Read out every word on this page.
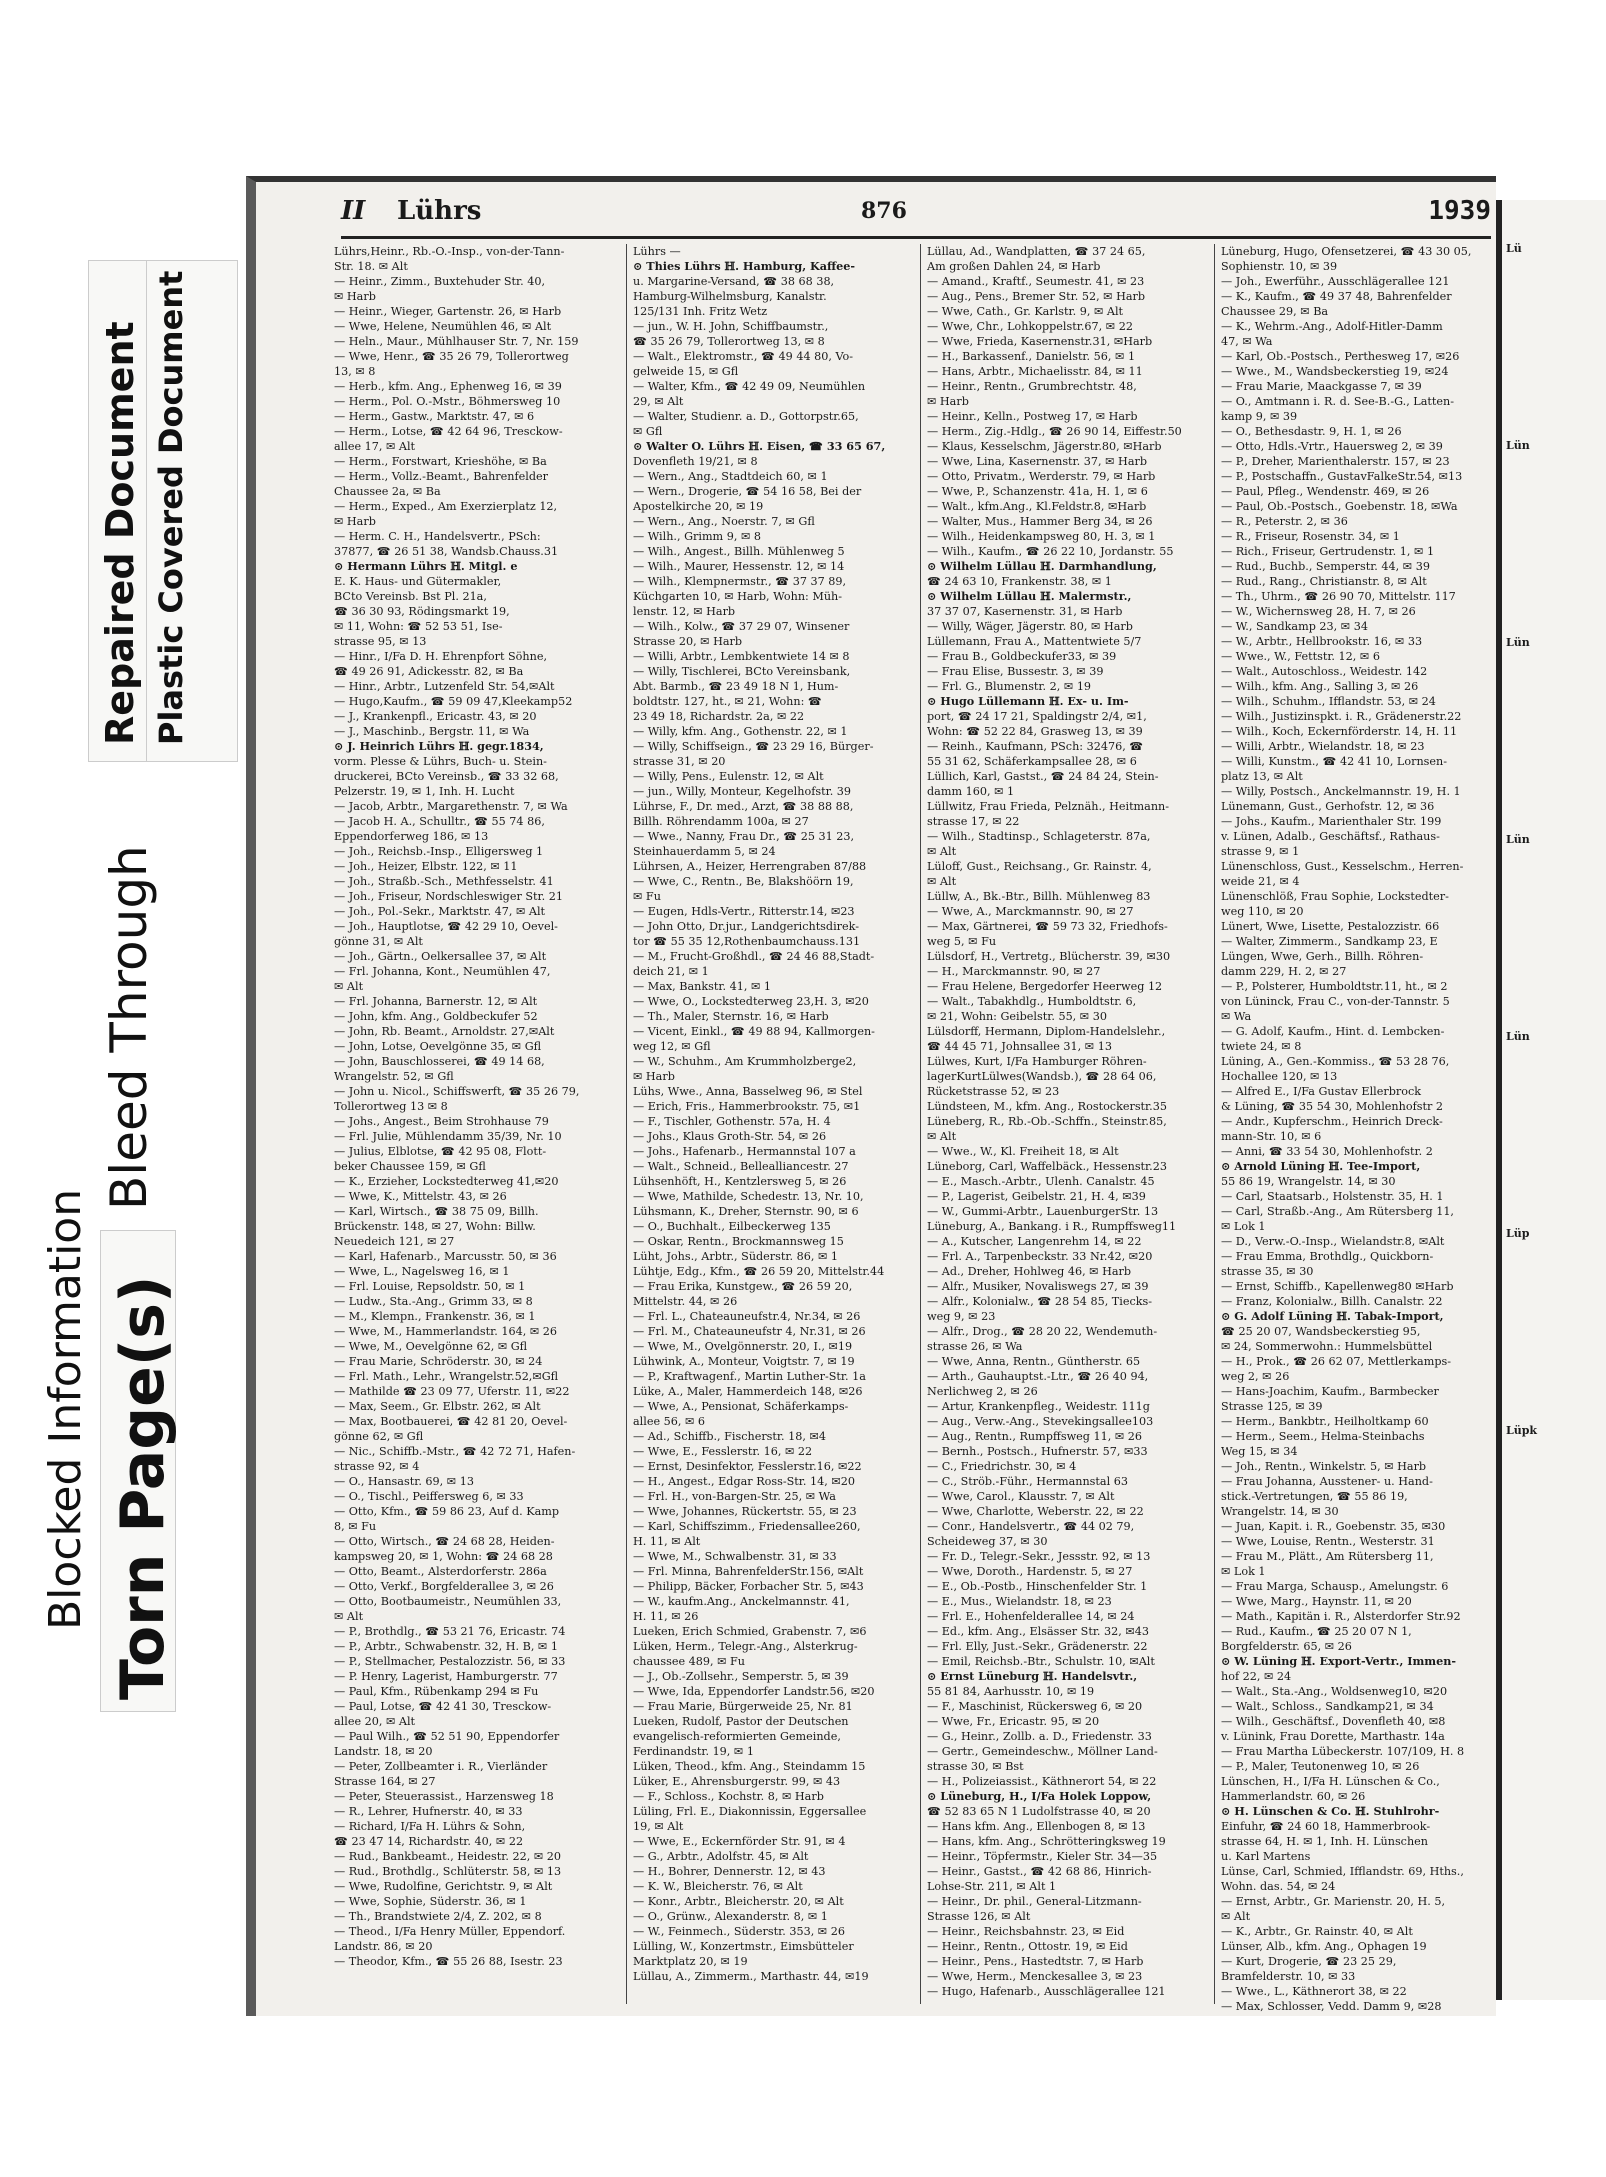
Blocked Information
Bleed Through
Torn Page(s)
Repaired Document Plastic Covered Document
II Lührs	876	1939
Lührs,Heinr., Rb.-O.-Insp., von-der-Tann-
Str. 18. ✉ Alt
— Heinr., Zimm., Buxtehuder Str. 40,
✉ Harb
— Heinr., Wieger, Gartenstr. 26, ✉ Harb
— Wwe, Helene, Neumühlen 46, ✉ Alt
— Heln., Maur., Mühlhauser Str. 7, Nr. 159
— Wwe, Henr., ☎ 35 26 79, Tollerortweg
13, ✉ 8
— Herb., kfm. Ang., Ephenweg 16, ✉ 39
— Herm., Pol. O.-Mstr., Böhmersweg 10
— Herm., Gastw., Marktstr. 47, ✉ 6
— Herm., Lotse, ☎ 42 64 96, Tresckow-
allee 17, ✉ Alt
— Herm., Forstwart, Krieshöhe, ✉ Ba
— Herm., Vollz.-Beamt., Bahrenfelder
Chaussee 2a, ✉ Ba
— Herm., Exped., Am Exerzierplatz 12,
✉ Harb
— Herm. C. H., Handelsvertr., PSch:
37877, ☎ 26 51 38, Wandsb.Chauss.31
⊙ Hermann Lührs ℍ. Mitgl. e
E. K. Haus- und Gütermakler,
BCto Vereinsb. Bst Pl. 21a,
☎ 36 30 93, Rödingsmarkt 19,
✉ 11, Wohn: ☎ 52 53 51, Ise-
strasse 95, ✉ 13
— Hinr., I/Fa D. H. Ehrenpfort Söhne,
☎ 49 26 91, Adickesstr. 82, ✉ Ba
— Hinr., Arbtr., Lutzenfeld Str. 54,✉Alt
— Hugo,Kaufm., ☎ 59 09 47,Kleekamp52
— J., Krankenpfl., Ericastr. 43, ✉ 20
— J., Maschinb., Bergstr. 11, ✉ Wa
⊙ J. Heinrich Lührs ℍ. gegr.1834,
vorm. Plesse & Lührs, Buch- u. Stein-
druckerei, BCto Vereinsb., ☎ 33 32 68,
Pelzerstr. 19, ✉ 1, Inh. H. Lucht
— Jacob, Arbtr., Margarethenstr. 7, ✉ Wa
— Jacob H. A., Schulltr., ☎ 55 74 86,
Eppendorferweg 186, ✉ 13
— Joh., Reichsb.-Insp., Elligersweg 1
— Joh., Heizer, Elbstr. 122, ✉ 11
— Joh., Straßb.-Sch., Methfesselstr. 41
— Joh., Friseur, Nordschleswiger Str. 21
— Joh., Pol.-Sekr., Marktstr. 47, ✉ Alt
— Joh., Hauptlotse, ☎ 42 29 10, Oevel-
gönne 31, ✉ Alt
— Joh., Gärtn., Oelkersallee 37, ✉ Alt
— Frl. Johanna, Kont., Neumühlen 47,
✉ Alt
— Frl. Johanna, Barnerstr. 12, ✉ Alt
— John, kfm. Ang., Goldbeckufer 52
— John, Rb. Beamt., Arnoldstr. 27,✉Alt
— John, Lotse, Oevelgönne 35, ✉ Gfl
— John, Bauschlosserei, ☎ 49 14 68,
Wrangelstr. 52, ✉ Gfl
— John u. Nicol., Schiffswerft, ☎ 35 26 79,
Tollerortweg 13 ✉ 8
— Johs., Angest., Beim Strohhause 79
— Frl. Julie, Mühlendamm 35/39, Nr. 10
— Julius, Elblotse, ☎ 42 95 08, Flott-
beker Chaussee 159, ✉ Gfl
— K., Erzieher, Lockstedterweg 41,✉20
— Wwe, K., Mittelstr. 43, ✉ 26
— Karl, Wirtsch., ☎ 38 75 09, Billh.
Brückenstr. 148, ✉ 27, Wohn: Billw.
Neuedeich 121, ✉ 27
— Karl, Hafenarb., Marcusstr. 50, ✉ 36
— Wwe, L., Nagelsweg 16, ✉ 1
— Frl. Louise, Repsoldstr. 50, ✉ 1
— Ludw., Sta.-Ang., Grimm 33, ✉ 8
— M., Klempn., Frankenstr. 36, ✉ 1
— Wwe, M., Hammerlandstr. 164, ✉ 26
— Wwe, M., Oevelgönne 62, ✉ Gfl
— Frau Marie, Schröderstr. 30, ✉ 24
— Frl. Math., Lehr., Wrangelstr.52,✉Gfl
— Mathilde ☎ 23 09 77, Uferstr. 11, ✉22
— Max, Seem., Gr. Elbstr. 262, ✉ Alt
— Max, Bootbauerei, ☎ 42 81 20, Oevel-
gönne 62, ✉ Gfl
— Nic., Schiffb.-Mstr., ☎ 42 72 71, Hafen-
strasse 92, ✉ 4
— O., Hansastr. 69, ✉ 13
— O., Tischl., Peiffersweg 6, ✉ 33
— Otto, Kfm., ☎ 59 86 23, Auf d. Kamp
8, ✉ Fu
— Otto, Wirtsch., ☎ 24 68 28, Heiden-
kampsweg 20, ✉ 1, Wohn: ☎ 24 68 28
— Otto, Beamt., Alsterdorferstr. 286a
— Otto, Verkf., Borgfelderallee 3, ✉ 26
— Otto, Bootbaumeistr., Neumühlen 33,
✉ Alt
— P., Brothdlg., ☎ 53 21 76, Ericastr. 74
— P., Arbtr., Schwabenstr. 32, H. B, ✉ 1
— P., Stellmacher, Pestalozzistr. 56, ✉ 33
— P. Henry, Lagerist, Hamburgerstr. 77
— Paul, Kfm., Rübenkamp 294 ✉ Fu
— Paul, Lotse, ☎ 42 41 30, Tresckow-
allee 20, ✉ Alt
— Paul Wilh., ☎ 52 51 90, Eppendorfer
Landstr. 18, ✉ 20
— Peter, Zollbeamter i. R., Vierländer
Strasse 164, ✉ 27
— Peter, Steuerassist., Harzensweg 18
— R., Lehrer, Hufnerstr. 40, ✉ 33
— Richard, I/Fa H. Lührs & Sohn,
☎ 23 47 14, Richardstr. 40, ✉ 22
— Rud., Bankbeamt., Heidestr. 22, ✉ 20
— Rud., Brothdlg., Schlüterstr. 58, ✉ 13
— Wwe, Rudolfine, Gerichtstr. 9, ✉ Alt
— Wwe, Sophie, Süderstr. 36, ✉ 1
— Th., Brandstwiete 2/4, Z. 202, ✉ 8
— Theod., I/Fa Henry Müller, Eppendorf.
Landstr. 86, ✉ 20
— Theodor, Kfm., ☎ 55 26 88, Isestr. 23
Lührs —
⊙ Thies Lührs ℍ. Hamburg, Kaffee-
u. Margarine-Versand, ☎ 38 68 38,
Hamburg-Wilhelmsburg, Kanalstr.
125/131 Inh. Fritz Wetz
— jun., W. H. John, Schiffbaumstr.,
☎ 35 26 79, Tollerortweg 13, ✉ 8
— Walt., Elektromstr., ☎ 49 44 80, Vo-
gelweide 15, ✉ Gfl
— Walter, Kfm., ☎ 42 49 09, Neumühlen
29, ✉ Alt
— Walter, Studienr. a. D., Gottorpstr.65,
✉ Gfl
⊙ Walter O. Lührs ℍ. Eisen, ☎ 33 65 67,
Dovenfleth 19/21, ✉ 8
— Wern., Ang., Stadtdeich 60, ✉ 1
— Wern., Drogerie, ☎ 54 16 58, Bei der
Apostelkirche 20, ✉ 19
— Wern., Ang., Noerstr. 7, ✉ Gfl
— Wilh., Grimm 9, ✉ 8
— Wilh., Angest., Billh. Mühlenweg 5
— Wilh., Maurer, Hessenstr. 12, ✉ 14
— Wilh., Klempnermstr., ☎ 37 37 89,
Küchgarten 10, ✉ Harb, Wohn: Müh-
lenstr. 12, ✉ Harb
— Wilh., Kolw., ☎ 37 29 07, Winsener
Strasse 20, ✉ Harb
— Willi, Arbtr., Lembkentwiete 14 ✉ 8
— Willy, Tischlerei, BCto Vereinsbank,
Abt. Barmb., ☎ 23 49 18 N 1, Hum-
boldtstr. 127, ht., ✉ 21, Wohn: ☎
23 49 18, Richardstr. 2a, ✉ 22
— Willy, kfm. Ang., Gothenstr. 22, ✉ 1
— Willy, Schiffseign., ☎ 23 29 16, Bürger-
strasse 31, ✉ 20
— Willy, Pens., Eulenstr. 12, ✉ Alt
— jun., Willy, Monteur, Kegelhofstr. 39
Lührse, F., Dr. med., Arzt, ☎ 38 88 88,
Billh. Röhrendamm 100a, ✉ 27
— Wwe., Nanny, Frau Dr., ☎ 25 31 23,
Steinhauerdamm 5, ✉ 24
Lührsen, A., Heizer, Herrengraben 87/88
— Wwe, C., Rentn., Be, Blakshöörn 19,
✉ Fu
— Eugen, Hdls-Vertr., Ritterstr.14, ✉23
— John Otto, Dr.jur., Landgerichtsdirek-
tor ☎ 55 35 12,Rothenbaumchauss.131
— M., Frucht-Großhdl., ☎ 24 46 88,Stadt-
deich 21, ✉ 1
— Max, Bankstr. 41, ✉ 1
— Wwe, O., Lockstedterweg 23,H. 3, ✉20
— Th., Maler, Sternstr. 16, ✉ Harb
— Vicent, Einkl., ☎ 49 88 94, Kallmorgen-
weg 12, ✉ Gfl
— W., Schuhm., Am Krummholzberge2,
✉ Harb
Lühs, Wwe., Anna, Basselweg 96, ✉ Stel
— Erich, Fris., Hammerbrookstr. 75, ✉1
— F., Tischler, Gothenstr. 57a, H. 4
— Johs., Klaus Groth-Str. 54, ✉ 26
— Johs., Hafenarb., Hermannstal 107 a
— Walt., Schneid., Bellealliancestr. 27
Lühsenhöft, H., Kentzlersweg 5, ✉ 26
— Wwe, Mathilde, Schedestr. 13, Nr. 10,
Lühsmann, K., Dreher, Sternstr. 90, ✉ 6
— O., Buchhalt., Eilbeckerweg 135
— Oskar, Rentn., Brockmannsweg 15
Lüht, Johs., Arbtr., Süderstr. 86, ✉ 1
Lühtje, Edg., Kfm., ☎ 26 59 20, Mittelstr.44
— Frau Erika, Kunstgew., ☎ 26 59 20,
Mittelstr. 44, ✉ 26
— Frl. L., Chateauneufstr.4, Nr.34, ✉ 26
— Frl. M., Chateauneufstr 4, Nr.31, ✉ 26
— Wwe, M., Ovelgönnerstr. 20, I., ✉19
Lühwink, A., Monteur, Voigtstr. 7, ✉ 19
— P., Kraftwagenf., Martin Luther-Str. 1a
Lüke, A., Maler, Hammerdeich 148, ✉26
— Wwe, A., Pensionat, Schäferkamps-
allee 56, ✉ 6
— Ad., Schiffb., Fischerstr. 18, ✉4
— Wwe, E., Fesslerstr. 16, ✉ 22
— Ernst, Desinfektor, Fesslerstr.16, ✉22
— H., Angest., Edgar Ross-Str. 14, ✉20
— Frl. H., von-Bargen-Str. 25, ✉ Wa
— Wwe, Johannes, Rückertstr. 55, ✉ 23
— Karl, Schiffszimm., Friedensallee260,
H. 11, ✉ Alt
— Wwe, M., Schwalbenstr. 31, ✉ 33
— Frl. Minna, BahrenfelderStr.156, ✉Alt
— Philipp, Bäcker, Forbacher Str. 5, ✉43
— W., kaufm.Ang., Anckelmannstr. 41,
H. 11, ✉ 26
Lueken, Erich Schmied, Grabenstr. 7, ✉6
Lüken, Herm., Telegr.-Ang., Alsterkrug-
chaussee 489, ✉ Fu
— J., Ob.-Zollsehr., Semperstr. 5, ✉ 39
— Wwe, Ida, Eppendorfer Landstr.56, ✉20
— Frau Marie, Bürgerweide 25, Nr. 81
Lueken, Rudolf, Pastor der Deutschen
evangelisch-reformierten Gemeinde,
Ferdinandstr. 19, ✉ 1
Lüken, Theod., kfm. Ang., Steindamm 15
Lüker, E., Ahrensburgerstr. 99, ✉ 43
— F., Schloss., Kochstr. 8, ✉ Harb
Lüling, Frl. E., Diakonnissin, Eggersallee
19, ✉ Alt
— Wwe, E., Eckernförder Str. 91, ✉ 4
— G., Arbtr., Adolfstr. 45, ✉ Alt
— H., Bohrer, Dennerstr. 12, ✉ 43
— K. W., Bleicherstr. 76, ✉ Alt
— Konr., Arbtr., Bleicherstr. 20, ✉ Alt
— O., Grünw., Alexanderstr. 8, ✉ 1
— W., Feinmech., Süderstr. 353, ✉ 26
Lülling, W., Konzertmstr., Eimsbütteler
Marktplatz 20, ✉ 19
Lüllau, A., Zimmerm., Marthastr. 44, ✉19
Lüllau, Ad., Wandplatten, ☎ 37 24 65,
Am großen Dahlen 24, ✉ Harb
— Amand., Kraftf., Seumestr. 41, ✉ 23
— Aug., Pens., Bremer Str. 52, ✉ Harb
— Wwe, Cath., Gr. Karlstr. 9, ✉ Alt
— Wwe, Chr., Lohkoppelstr.67, ✉ 22
— Wwe, Frieda, Kasernenstr.31, ✉Harb
— H., Barkassenf., Danielstr. 56, ✉ 1
— Hans, Arbtr., Michaelisstr. 84, ✉ 11
— Heinr., Rentn., Grumbrechtstr. 48,
✉ Harb
— Heinr., Kelln., Postweg 17, ✉ Harb
— Herm., Zig.-Hdlg., ☎ 26 90 14, Eiffestr.50
— Klaus, Kesselschm, Jägerstr.80, ✉Harb
— Wwe, Lina, Kasernenstr. 37, ✉ Harb
— Otto, Privatm., Werderstr. 79, ✉ Harb
— Wwe, P., Schanzenstr. 41a, H. 1, ✉ 6
— Walt., kfm.Ang., Kl.Feldstr.8, ✉Harb
— Walter, Mus., Hammer Berg 34, ✉ 26
— Wilh., Heidenkampsweg 80, H. 3, ✉ 1
— Wilh., Kaufm., ☎ 26 22 10, Jordanstr. 55
⊙ Wilhelm Lüllau ℍ. Darmhandlung,
☎ 24 63 10, Frankenstr. 38, ✉ 1
⊙ Wilhelm Lüllau ℍ. Malermstr.,
37 37 07, Kasernenstr. 31, ✉ Harb
— Willy, Wäger, Jägerstr. 80, ✉ Harb
Lüllemann, Frau A., Mattentwiete 5/7
— Frau B., Goldbeckufer33, ✉ 39
— Frau Elise, Bussestr. 3, ✉ 39
— Frl. G., Blumenstr. 2, ✉ 19
⊙ Hugo Lüllemann ℍ. Ex- u. Im-
port, ☎ 24 17 21, Spaldingstr 2/4, ✉1,
Wohn: ☎ 52 22 84, Grasweg 13, ✉ 39
— Reinh., Kaufmann, PSch: 32476, ☎
55 31 62, Schäferkampsallee 28, ✉ 6
Lüllich, Karl, Gastst., ☎ 24 84 24, Stein-
damm 160, ✉ 1
Lüllwitz, Frau Frieda, Pelznäh., Heitmann-
strasse 17, ✉ 22
— Wilh., Stadtinsp., Schlageterstr. 87a,
✉ Alt
Lüloff, Gust., Reichsang., Gr. Rainstr. 4,
✉ Alt
Lüllw, A., Bk.-Btr., Billh. Mühlenweg 83
— Wwe, A., Marckmannstr. 90, ✉ 27
— Max, Gärtnerei, ☎ 59 73 32, Friedhofs-
weg 5, ✉ Fu
Lülsdorf, H., Vertretg., Blücherstr. 39, ✉30
— H., Marckmannstr. 90, ✉ 27
— Frau Helene, Bergedorfer Heerweg 12
— Walt., Tabakhdlg., Humboldtstr. 6,
✉ 21, Wohn: Geibelstr. 55, ✉ 30
Lülsdorff, Hermann, Diplom-Handelslehr.,
☎ 44 45 71, Johnsallee 31, ✉ 13
Lülwes, Kurt, I/Fa Hamburger Röhren-
lagerKurtLülwes(Wandsb.), ☎ 28 64 06,
Rücketstrasse 52, ✉ 23
Lündsteen, M., kfm. Ang., Rostockerstr.35
Lüneberg, R., Rb.-Ob.-Schffn., Steinstr.85,
✉ Alt
— Wwe., W., Kl. Freiheit 18, ✉ Alt
Lüneborg, Carl, Waffelbäck., Hessenstr.23
— E., Masch.-Arbtr., Ulenh. Canalstr. 45
— P., Lagerist, Geibelstr. 21, H. 4, ✉39
— W., Gummi-Arbtr., LauenburgerStr. 13
Lüneburg, A., Bankang. i R., Rumpffsweg11
— A., Kutscher, Langenrehm 14, ✉ 22
— Frl. A., Tarpenbeckstr. 33 Nr.42, ✉20
— Ad., Dreher, Hohlweg 46, ✉ Harb
— Alfr., Musiker, Novaliswegs 27, ✉ 39
— Alfr., Kolonialw., ☎ 28 54 85, Tiecks-
weg 9, ✉ 23
— Alfr., Drog., ☎ 28 20 22, Wendemuth-
strasse 26, ✉ Wa
— Wwe, Anna, Rentn., Güntherstr. 65
— Arth., Gauhauptst.-Ltr., ☎ 26 40 94,
Nerlichweg 2, ✉ 26
— Artur, Krankenpfleg., Weidestr. 111g
— Aug., Verw.-Ang., Stevekingsallee103
— Aug., Rentn., Rumpffsweg 11, ✉ 26
— Bernh., Postsch., Hufnerstr. 57, ✉33
— C., Friedrichstr. 30, ✉ 4
— C., Ströb.-Führ., Hermannstal 63
— Wwe, Carol., Klausstr. 7, ✉ Alt
— Wwe, Charlotte, Weberstr. 22, ✉ 22
— Conr., Handelsvertr., ☎ 44 02 79,
Scheideweg 37, ✉ 30
— Fr. D., Telegr.-Sekr., Jessstr. 92, ✉ 13
— Wwe, Doroth., Hardenstr. 5, ✉ 27
— E., Ob.-Postb., Hinschenfelder Str. 1
— E., Mus., Wielandstr. 18, ✉ 23
— Frl. E., Hohenfelderallee 14, ✉ 24
— Ed., kfm. Ang., Elsässer Str. 32, ✉43
— Frl. Elly, Just.-Sekr., Grädenerstr. 22
— Emil, Reichsb.-Btr., Schulstr. 10, ✉Alt
⊙ Ernst Lüneburg ℍ. Handelsvtr.,
55 81 84, Aarhusstr. 10, ✉ 19
— F., Maschinist, Rückersweg 6, ✉ 20
— Wwe, Fr., Ericastr. 95, ✉ 20
— G., Heinr., Zollb. a. D., Friedenstr. 33
— Gertr., Gemeindeschw., Möllner Land-
strasse 30, ✉ Bst
— H., Polizeiassist., Käthnerort 54, ✉ 22
⊙ Lüneburg, H., I/Fa Holek Loppow,
☎ 52 83 65 N 1 Ludolfstrasse 40, ✉ 20
— Hans kfm. Ang., Ellenbogen 8, ✉ 13
— Hans, kfm. Ang., Schrötteringksweg 19
— Heinr., Töpfermstr., Kieler Str. 34—35
— Heinr., Gastst., ☎ 42 68 86, Hinrich-
Lohse-Str. 211, ✉ Alt 1
— Heinr., Dr. phil., General-Litzmann-
Strasse 126, ✉ Alt
— Heinr., Reichsbahnstr. 23, ✉ Eid
— Heinr., Rentn., Ottostr. 19, ✉ Eid
— Heinr., Pens., Hastedtstr. 7, ✉ Harb
— Wwe, Herm., Menckesallee 3, ✉ 23
— Hugo, Hafenarb., Ausschlägerallee 121
Lüneburg, Hugo, Ofensetzerei, ☎ 43 30 05,
Sophienstr. 10, ✉ 39
— Joh., Ewerführ., Ausschlägerallee 121
— K., Kaufm., ☎ 49 37 48, Bahrenfelder
Chaussee 29, ✉ Ba
— K., Wehrm.-Ang., Adolf-Hitler-Damm
47, ✉ Wa
— Karl, Ob.-Postsch., Perthesweg 17, ✉26
— Wwe., M., Wandsbeckerstieg 19, ✉24
— Frau Marie, Maackgasse 7, ✉ 39
— O., Amtmann i. R. d. See-B.-G., Latten-
kamp 9, ✉ 39
— O., Bethesdastr. 9, H. 1, ✉ 26
— Otto, Hdls.-Vrtr., Hauersweg 2, ✉ 39
— P., Dreher, Marienthalerstr. 157, ✉ 23
— P., Postschaffn., GustavFalkeStr.54, ✉13
— Paul, Pfleg., Wendenstr. 469, ✉ 26
— Paul, Ob.-Postsch., Goebenstr. 18, ✉Wa
— R., Peterstr. 2, ✉ 36
— R., Friseur, Rosenstr. 34, ✉ 1
— Rich., Friseur, Gertrudenstr. 1, ✉ 1
— Rud., Buchb., Semperstr. 44, ✉ 39
— Rud., Rang., Christianstr. 8, ✉ Alt
— Th., Uhrm., ☎ 26 90 70, Mittelstr. 117
— W., Wichernsweg 28, H. 7, ✉ 26
— W., Sandkamp 23, ✉ 34
— W., Arbtr., Hellbrookstr. 16, ✉ 33
— Wwe., W., Fettstr. 12, ✉ 6
— Walt., Autoschloss., Weidestr. 142
— Wilh., kfm. Ang., Salling 3, ✉ 26
— Wilh., Schuhm., Ifflandstr. 53, ✉ 24
— Wilh., Justizinspkt. i. R., Grädenerstr.22
— Wilh., Koch, Eckernförderstr. 14, H. 11
— Willi, Arbtr., Wielandstr. 18, ✉ 23
— Willi, Kunstm., ☎ 42 41 10, Lornsen-
platz 13, ✉ Alt
— Willy, Postsch., Anckelmannstr. 19, H. 1
Lünemann, Gust., Gerhofstr. 12, ✉ 36
— Johs., Kaufm., Marienthaler Str. 199
v. Lünen, Adalb., Geschäftsf., Rathaus-
strasse 9, ✉ 1
Lünenschloss, Gust., Kesselschm., Herren-
weide 21, ✉ 4
Lünenschlöß, Frau Sophie, Lockstedter-
weg 110, ✉ 20
Lünert, Wwe, Lisette, Pestalozzistr. 66
— Walter, Zimmerm., Sandkamp 23, E
Lüngen, Wwe, Gerh., Billh. Röhren-
damm 229, H. 2, ✉ 27
— P., Polsterer, Humboldtstr.11, ht., ✉ 2
von Lüninck, Frau C., von-der-Tannstr. 5
✉ Wa
— G. Adolf, Kaufm., Hint. d. Lembcken-
twiete 24, ✉ 8
Lüning, A., Gen.-Kommiss., ☎ 53 28 76,
Hochallee 120, ✉ 13
— Alfred E., I/Fa Gustav Ellerbrock
& Lüning, ☎ 35 54 30, Mohlenhofstr 2
— Andr., Kupferschm., Heinrich Dreck-
mann-Str. 10, ✉ 6
— Anni, ☎ 33 54 30, Mohlenhofstr. 2
⊙ Arnold Lüning ℍ. Tee-Import,
55 86 19, Wrangelstr. 14, ✉ 30
— Carl, Staatsarb., Holstenstr. 35, H. 1
— Carl, Straßb.-Ang., Am Rütersberg 11,
✉ Lok 1
— D., Verw.-O.-Insp., Wielandstr.8, ✉Alt
— Frau Emma, Brothdlg., Quickborn-
strasse 35, ✉ 30
— Ernst, Schiffb., Kapellenweg80 ✉Harb
— Franz, Kolonialw., Billh. Canalstr. 22
⊙ G. Adolf Lüning ℍ. Tabak-Import,
☎ 25 20 07, Wandsbeckerstieg 95,
✉ 24, Sommerwohn.: Hummelsbüttel
— H., Prok., ☎ 26 62 07, Mettlerkamps-
weg 2, ✉ 26
— Hans-Joachim, Kaufm., Barmbecker
Strasse 125, ✉ 39
— Herm., Bankbtr., Heilholtkamp 60
— Herm., Seem., Helma-Steinbachs
Weg 15, ✉ 34
— Joh., Rentn., Winkelstr. 5, ✉ Harb
— Frau Johanna, Ausstener- u. Hand-
stick.-Vertretungen, ☎ 55 86 19,
Wrangelstr. 14, ✉ 30
— Juan, Kapit. i. R., Goebenstr. 35, ✉30
— Wwe, Louise, Rentn., Westerstr. 31
— Frau M., Plätt., Am Rütersberg 11,
✉ Lok 1
— Frau Marga, Schausp., Amelungstr. 6
— Wwe, Marg., Haynstr. 11, ✉ 20
— Math., Kapitän i. R., Alsterdorfer Str.92
— Rud., Kaufm., ☎ 25 20 07 N 1,
Borgfelderstr. 65, ✉ 26
⊙ W. Lüning ℍ. Export-Vertr., Immen-
hof 22, ✉ 24
— Walt., Sta.-Ang., Woldsenweg10, ✉20
— Walt., Schloss., Sandkamp21, ✉ 34
— Wilh., Geschäftsf., Dovenfleth 40, ✉8
v. Lünink, Frau Dorette, Marthastr. 14a
— Frau Martha Lübeckerstr. 107/109, H. 8
— P., Maler, Teutonenweg 10, ✉ 26
Lünschen, H., I/Fa H. Lünschen & Co.,
Hammerlandstr. 60, ✉ 26
⊙ H. Lünschen & Co. ℍ. Stuhlrohr-
Einfuhr, ☎ 24 60 18, Hammerbrook-
strasse 64, H. ✉ 1, Inh. H. Lünschen
u. Karl Martens
Lünse, Carl, Schmied, Ifflandstr. 69, Hths.,
Wohn. das. 54, ✉ 24
— Ernst, Arbtr., Gr. Marienstr. 20, H. 5,
✉ Alt
— K., Arbtr., Gr. Rainstr. 40, ✉ Alt
Lünser, Alb., kfm. Ang., Ophagen 19
— Kurt, Drogerie, ☎ 23 25 29,
Bramfelderstr. 10, ✉ 33
— Wwe., L., Käthnerort 38, ✉ 22
— Max, Schlosser, Vedd. Damm 9, ✉28
Lü
Lün
Lün
Lün
Lün
Lüp
Lüpk
